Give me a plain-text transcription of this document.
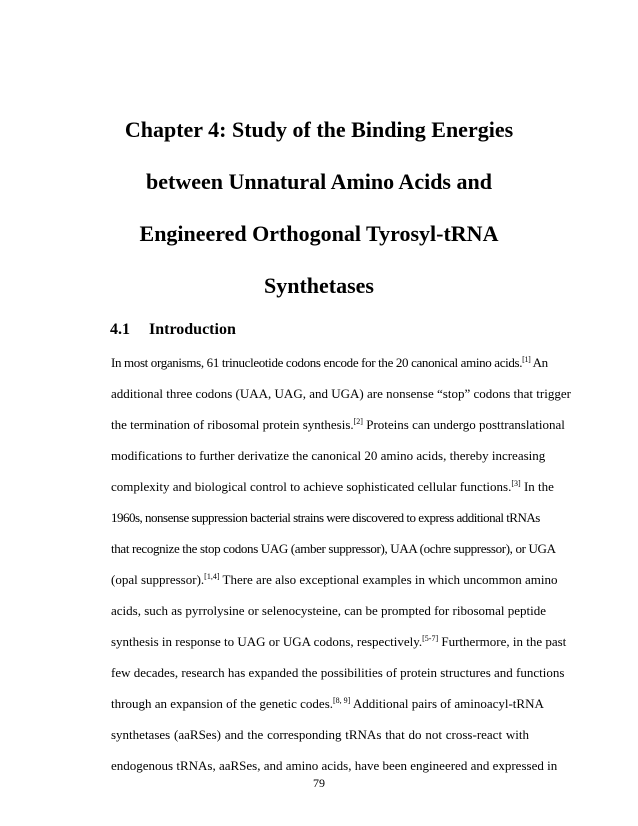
Chapter 4: Study of the Binding Energies
between Unnatural Amino Acids and
Engineered Orthogonal Tyrosyl-tRNA
Synthetases
4.1 Introduction
In most organisms, 61 trinucleotide codons encode for the 20 canonical amino acids.[1] An
additional three codons (UAA, UAG, and UGA) are nonsense “stop” codons that trigger
the termination of ribosomal protein synthesis.[2] Proteins can undergo posttranslational
modifications to further derivatize the canonical 20 amino acids, thereby increasing
complexity and biological control to achieve sophisticated cellular functions.[3] In the
1960s, nonsense suppression bacterial strains were discovered to express additional tRNAs
that recognize the stop codons UAG (amber suppressor), UAA (ochre suppressor), or UGA
(opal suppressor).[1,4] There are also exceptional examples in which uncommon amino
acids, such as pyrrolysine or selenocysteine, can be prompted for ribosomal peptide
synthesis in response to UAG or UGA codons, respectively.[5-7] Furthermore, in the past
few decades, research has expanded the possibilities of protein structures and functions
through an expansion of the genetic codes.[8, 9] Additional pairs of aminoacyl-tRNA
synthetases (aaRSes) and the corresponding tRNAs that do not cross-react with
endogenous tRNAs, aaRSes, and amino acids, have been engineered and expressed in
79
